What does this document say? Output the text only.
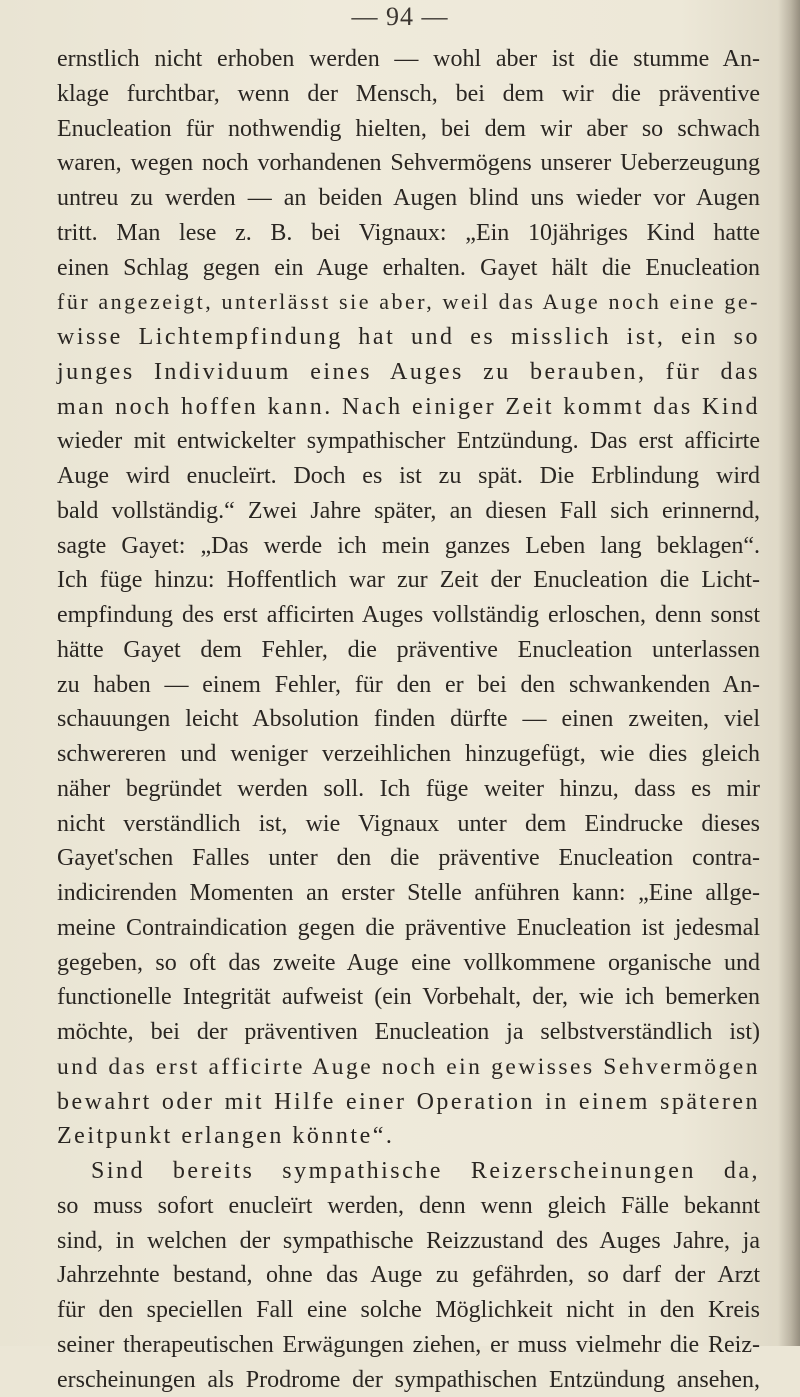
— 94 —
ernstlich nicht erhoben werden — wohl aber ist die stumme An-
klage furchtbar, wenn der Mensch, bei dem wir die präventive
Enucleation für nothwendig hielten, bei dem wir aber so schwach
waren, wegen noch vorhandenen Sehvermögens unserer Ueberzeugung
untreu zu werden — an beiden Augen blind uns wieder vor Augen
tritt. Man lese z. B. bei Vignaux: „Ein 10jähriges Kind hatte
einen Schlag gegen ein Auge erhalten. Gayet hält die Enucleation
für angezeigt, unterlässt sie aber, weil das Auge noch eine ge-
wisse Lichtempfindung hat und es misslich ist, ein so
junges Individuum eines Auges zu berauben, für das
man noch hoffen kann. Nach einiger Zeit kommt das Kind
wieder mit entwickelter sympathischer Entzündung. Das erst afficirte
Auge wird enucleïrt. Doch es ist zu spät. Die Erblindung wird
bald vollständig.“ Zwei Jahre später, an diesen Fall sich erinnernd,
sagte Gayet: „Das werde ich mein ganzes Leben lang beklagen“.
Ich füge hinzu: Hoffentlich war zur Zeit der Enucleation die Licht-
empfindung des erst afficirten Auges vollständig erloschen, denn sonst
hätte Gayet dem Fehler, die präventive Enucleation unterlassen
zu haben — einem Fehler, für den er bei den schwankenden An-
schauungen leicht Absolution finden dürfte — einen zweiten, viel
schwereren und weniger verzeihlichen hinzugefügt, wie dies gleich
näher begründet werden soll. Ich füge weiter hinzu, dass es mir
nicht verständlich ist, wie Vignaux unter dem Eindrucke dieses
Gayet'schen Falles unter den die präventive Enucleation contra-
indicirenden Momenten an erster Stelle anführen kann: „Eine allge-
meine Contraindication gegen die präventive Enucleation ist jedesmal
gegeben, so oft das zweite Auge eine vollkommene organische und
functionelle Integrität aufweist (ein Vorbehalt, der, wie ich bemerken
möchte, bei der präventiven Enucleation ja selbstverständlich ist)
und das erst afficirte Auge noch ein gewisses Sehvermögen
bewahrt oder mit Hilfe einer Operation in einem späteren
Zeitpunkt erlangen könnte“.
Sind bereits sympathische Reizerscheinungen da,
so muss sofort enucleïrt werden, denn wenn gleich Fälle bekannt
sind, in welchen der sympathische Reizzustand des Auges Jahre, ja
Jahrzehnte bestand, ohne das Auge zu gefährden, so darf der Arzt
für den speciellen Fall eine solche Möglichkeit nicht in den Kreis
seiner therapeutischen Erwägungen ziehen, er muss vielmehr die Reiz-
erscheinungen als Prodrome der sympathischen Entzündung ansehen,
